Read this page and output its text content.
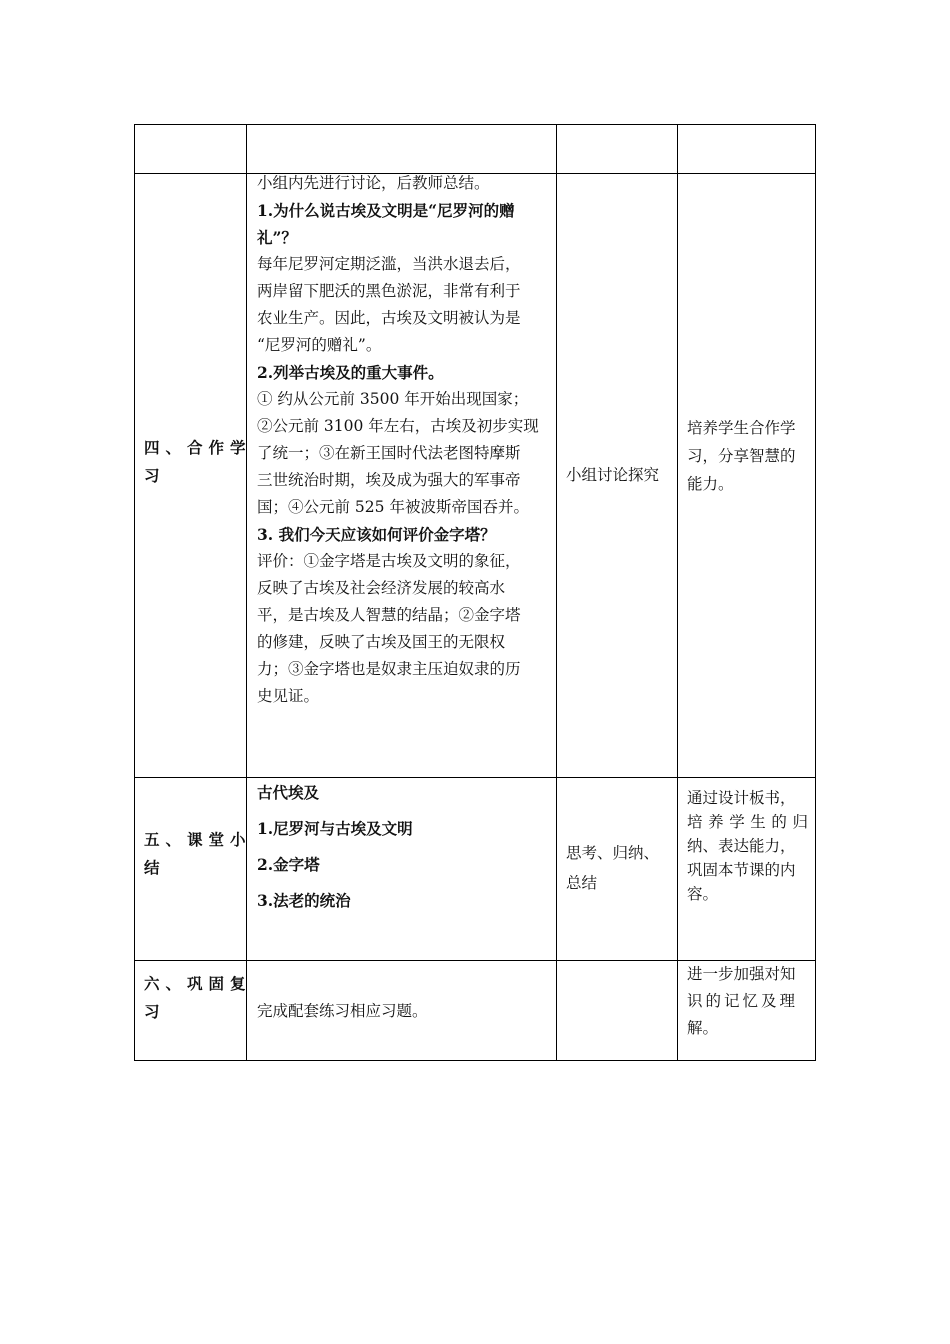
四、合作学
习
小组内先进行讨论，后教师总结。
1.为什么说古埃及文明是“尼罗河的赠
礼”？
每年尼罗河定期泛滥，当洪水退去后，
两岸留下肥沃的黑色淤泥，非常有利于
农业生产。因此，古埃及文明被认为是
“尼罗河的赠礼”。
2.列举古埃及的重大事件。
① 约从公元前 3500 年开始出现国家；
②公元前 3100 年左右，古埃及初步实现
了统一；③在新王国时代法老图特摩斯
三世统治时期，埃及成为强大的军事帝
国；④公元前 525 年被波斯帝国吞并。
3. 我们今天应该如何评价金字塔？
评价：①金字塔是古埃及文明的象征，
反映了古埃及社会经济发展的较高水
平，是古埃及人智慧的结晶；②金字塔
的修建，反映了古埃及国王的无限权
力；③金字塔也是奴隶主压迫奴隶的历
史见证。
小组讨论探究
培养学生合作学
习，分享智慧的
能力。
五、课堂小
结
古代埃及
1.尼罗河与古埃及文明
2.金字塔
3.法老的统治
思考、归纳、
总结
通过设计板书，
培养学生的归
纳、表达能力，
巩固本节课的内
容。
六、巩固复
习	完成配套练习相应习题。
进一步加强对知
识的记忆及理
解。
